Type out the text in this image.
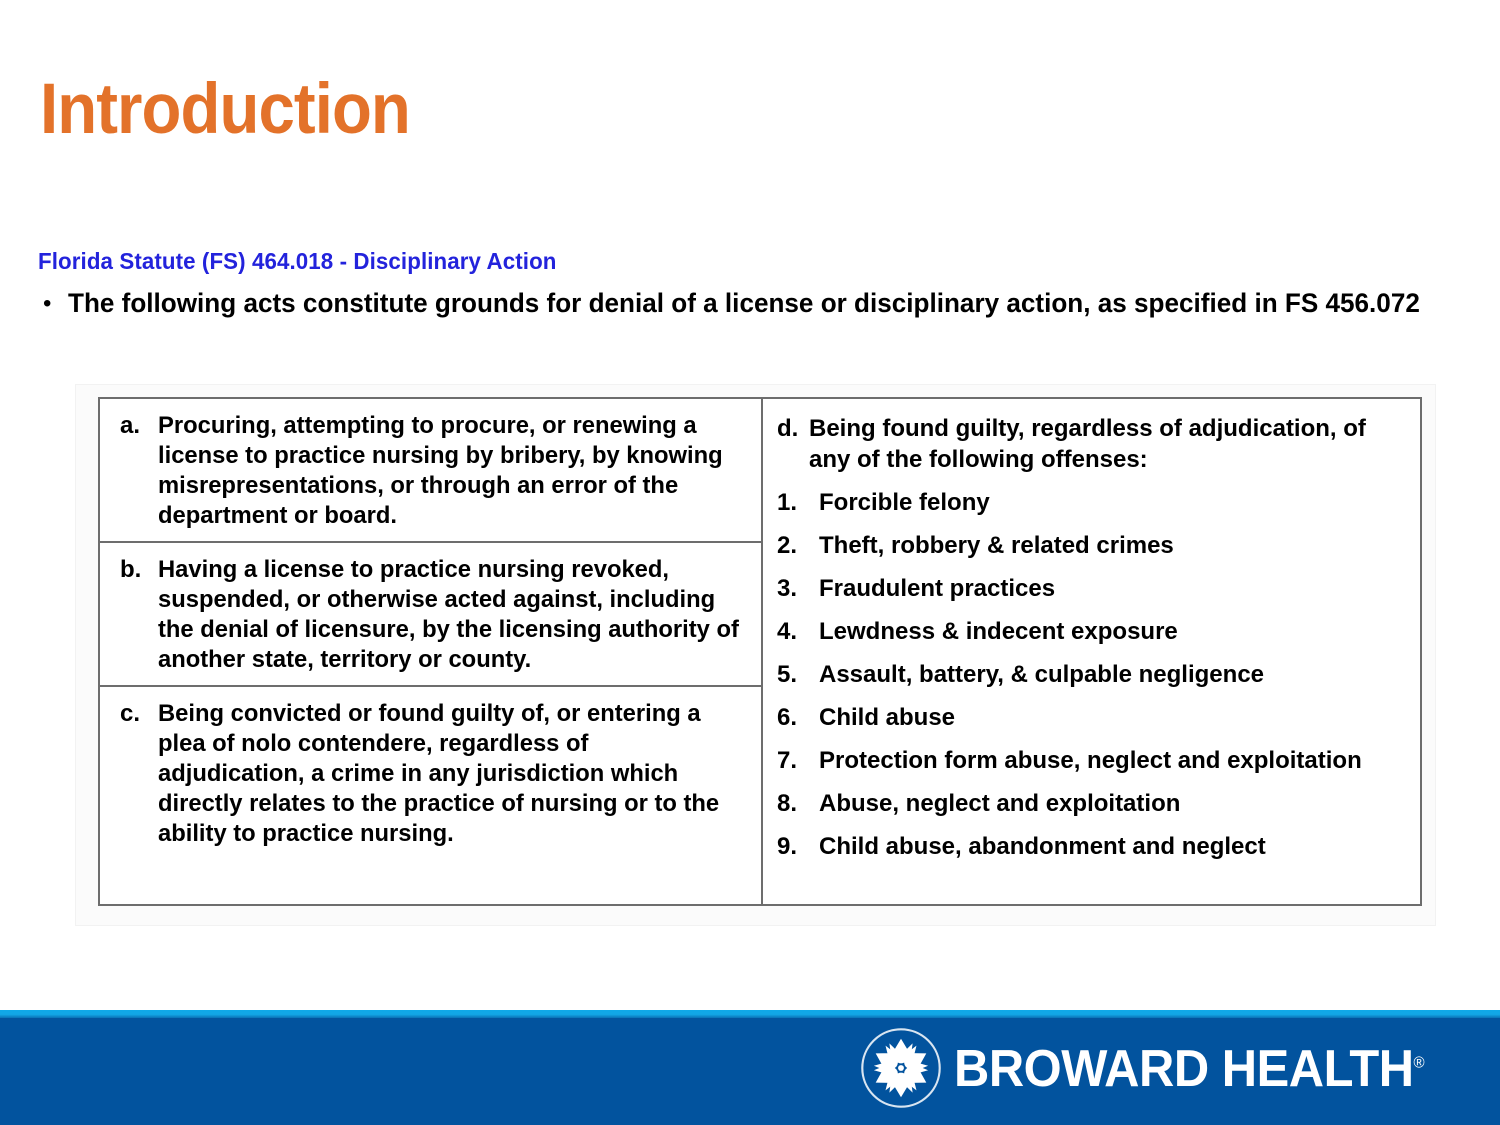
Introduction
Florida Statute (FS) 464.018 - Disciplinary Action
• The following acts constitute grounds for denial of a license or disciplinary action, as specified in FS 456.072
a. Procuring, attempting to procure, or renewing a license to practice nursing by bribery, by knowing misrepresentations, or through an error of the department or board.
b. Having a license to practice nursing revoked, suspended, or otherwise acted against, including the denial of licensure, by the licensing authority of another state, territory or county.
c. Being convicted or found guilty of, or entering a plea of nolo contendere, regardless of adjudication, a crime in any jurisdiction which directly relates to the practice of nursing or to the ability to practice nursing.
d. Being found guilty, regardless of adjudication, of any of the following offenses:
1. Forcible felony
2. Theft, robbery & related crimes
3. Fraudulent practices
4. Lewdness & indecent exposure
5. Assault, battery, & culpable negligence
6. Child abuse
7. Protection form abuse, neglect and exploitation
8. Abuse, neglect and exploitation
9. Child abuse, abandonment and neglect
BROWARD HEALTH®
